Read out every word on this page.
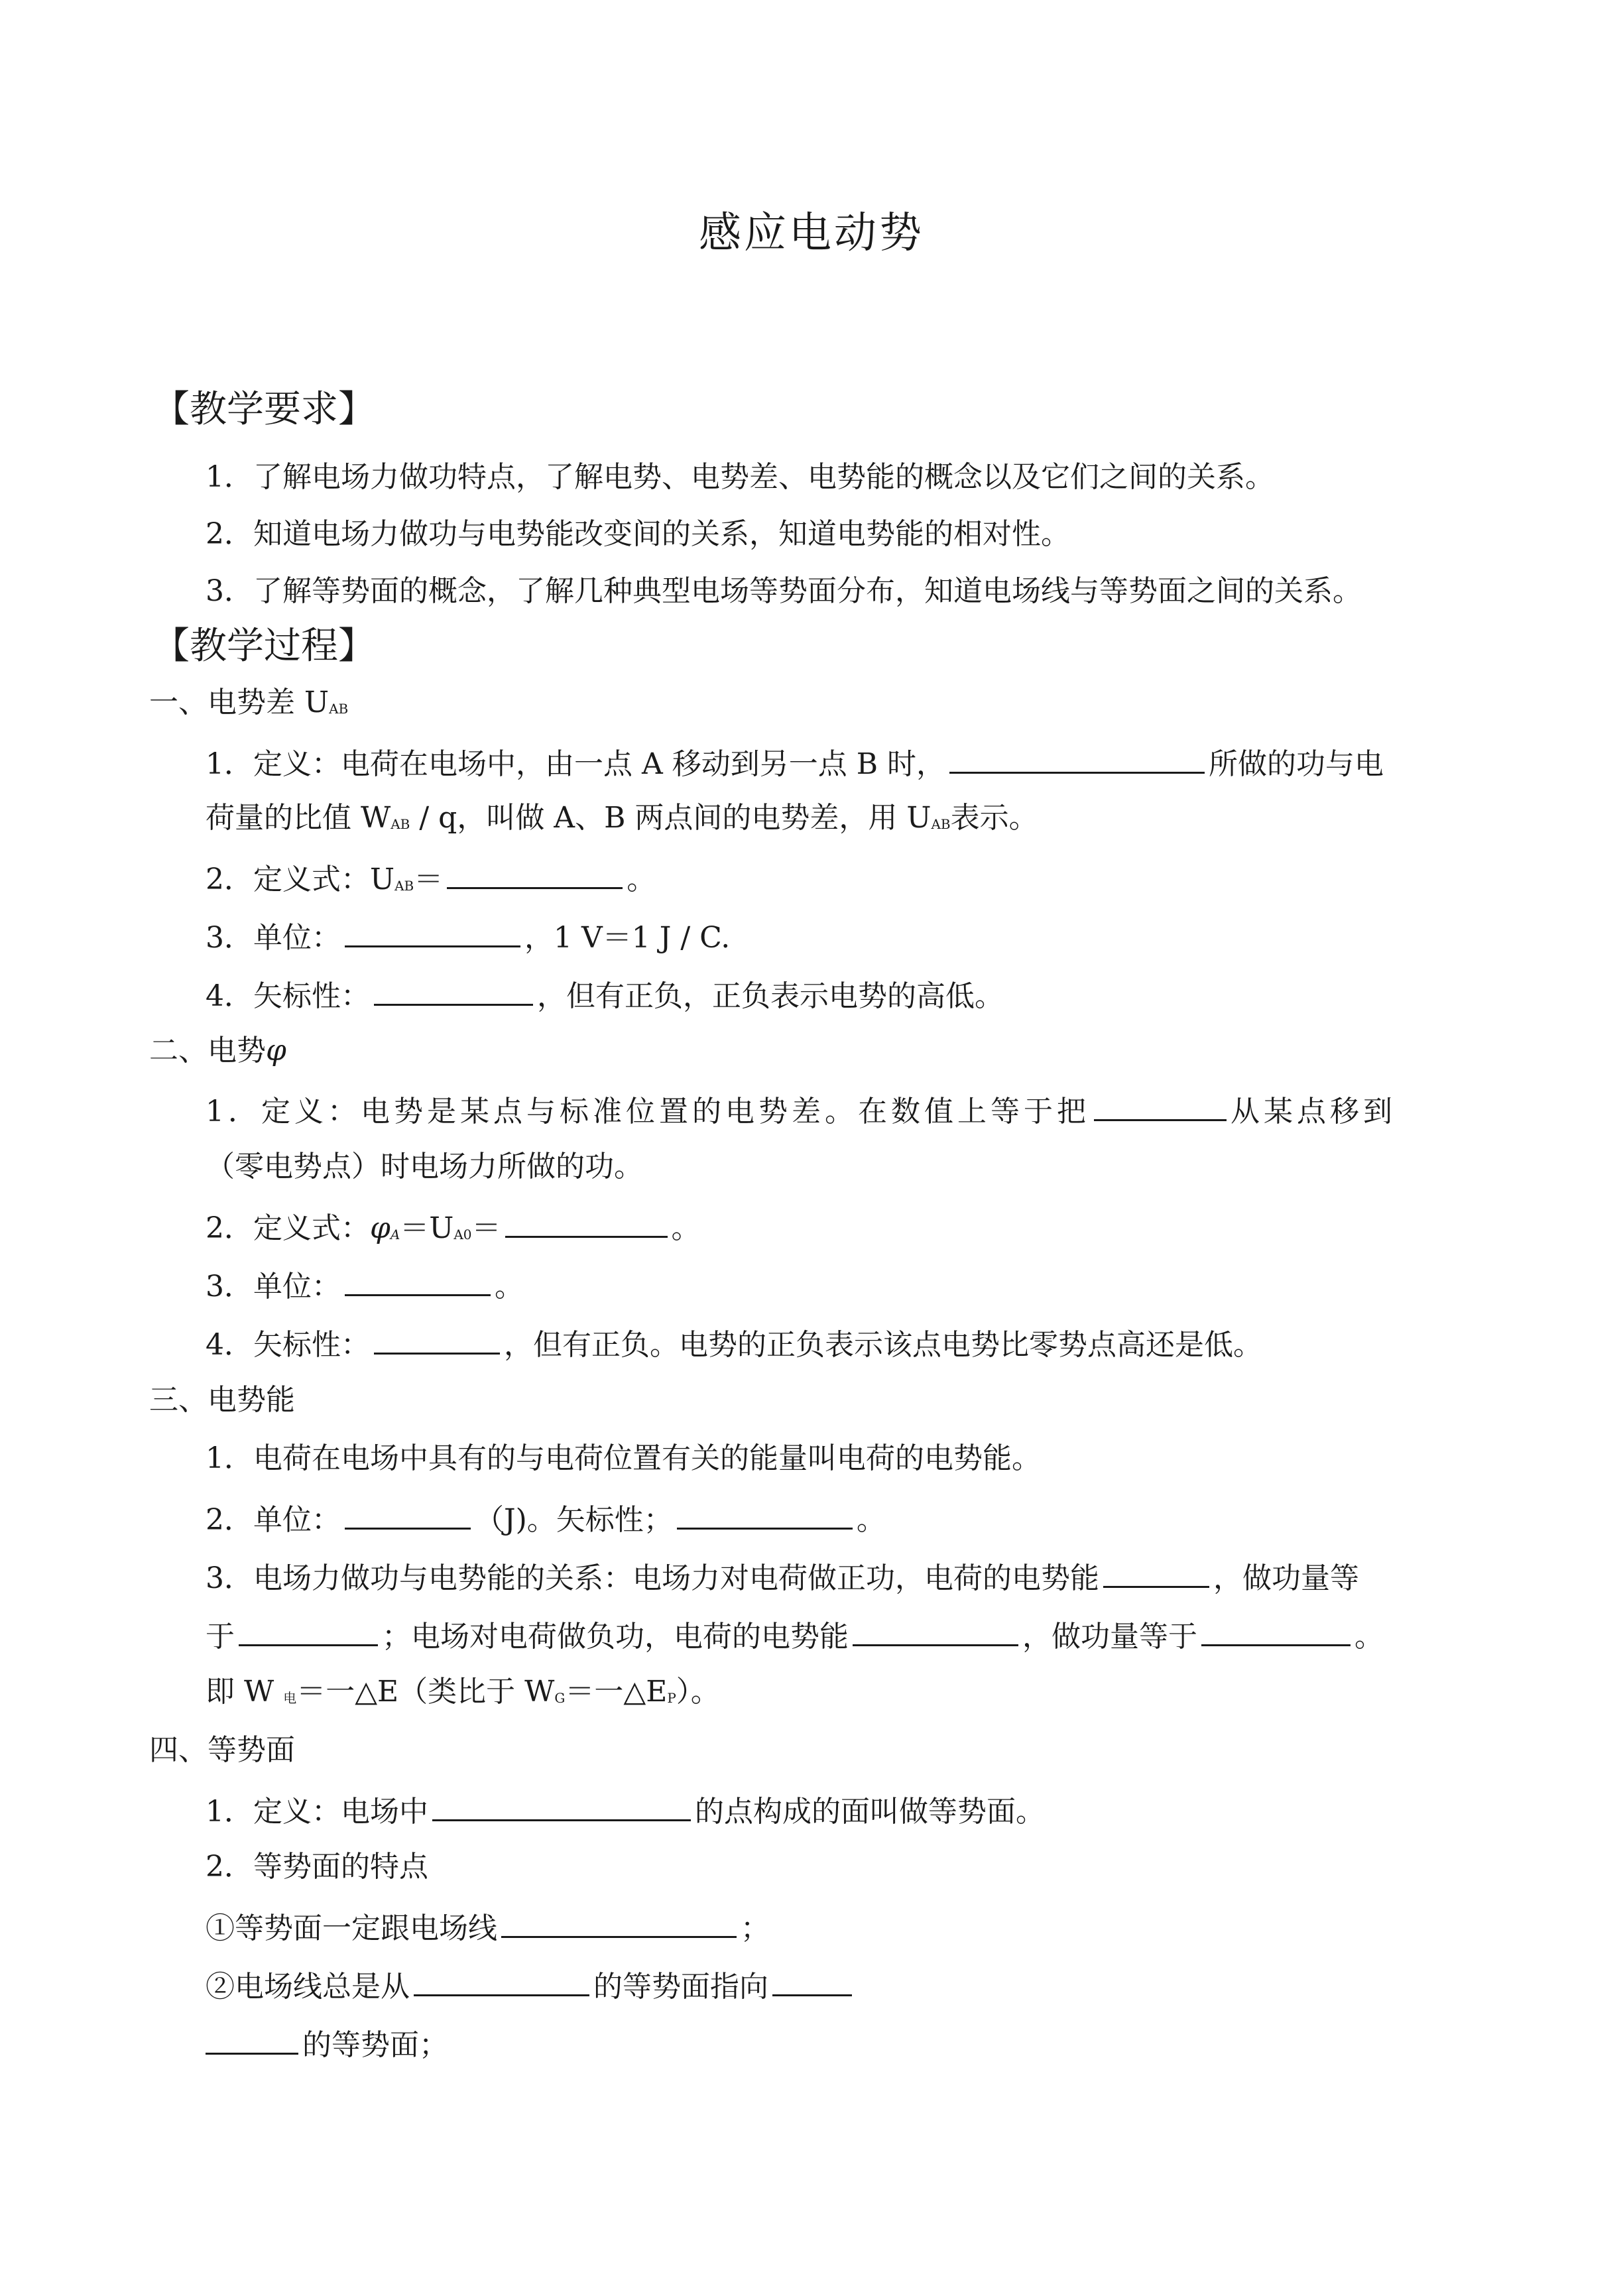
感应电动势
【教学要求】
1．了解电场力做功特点，了解电势、电势差、电势能的概念以及它们之间的关系。
2．知道电场力做功与电势能改变间的关系，知道电势能的相对性。
3．了解等势面的概念，了解几种典型电场等势面分布，知道电场线与等势面之间的关系。
【教学过程】
一、电势差 UAB
1．定义：电荷在电场中，由一点 A 移动到另一点 B 时，	所做的功与电
荷量的比值 WAB / q，叫做 A、B 两点间的电势差，用 UAB表示。
2．定义式：UAB＝	。
3．单位：	，1 V＝1 J / C.
4．矢标性：	，但有正负，正负表示电势的高低。
二、电势φ
1．定义：电势是某点与标准位置的电势差。在数值上等于把	从某点移到
（零电势点）时电场力所做的功。
2．定义式：φA＝UA0＝	。
3．单位：	。
4．矢标性：	，但有正负。电势的正负表示该点电势比零势点高还是低。
三、电势能
1．电荷在电场中具有的与电荷位置有关的能量叫电荷的电势能。
2．单位：	（J)。矢标性；	。
3．电场力做功与电势能的关系：电场力对电荷做正功，电荷的电势能	，做功量等
于	；电场对电荷做负功，电荷的电势能	，做功量等于	。
即 W 电＝一△E（类比于 WG＝一△EP）。
四、等势面
1．定义：电场中	的点构成的面叫做等势面。
2．等势面的特点
①等势面一定跟电场线	；
②电场线总是从	的等势面指向
的等势面；
